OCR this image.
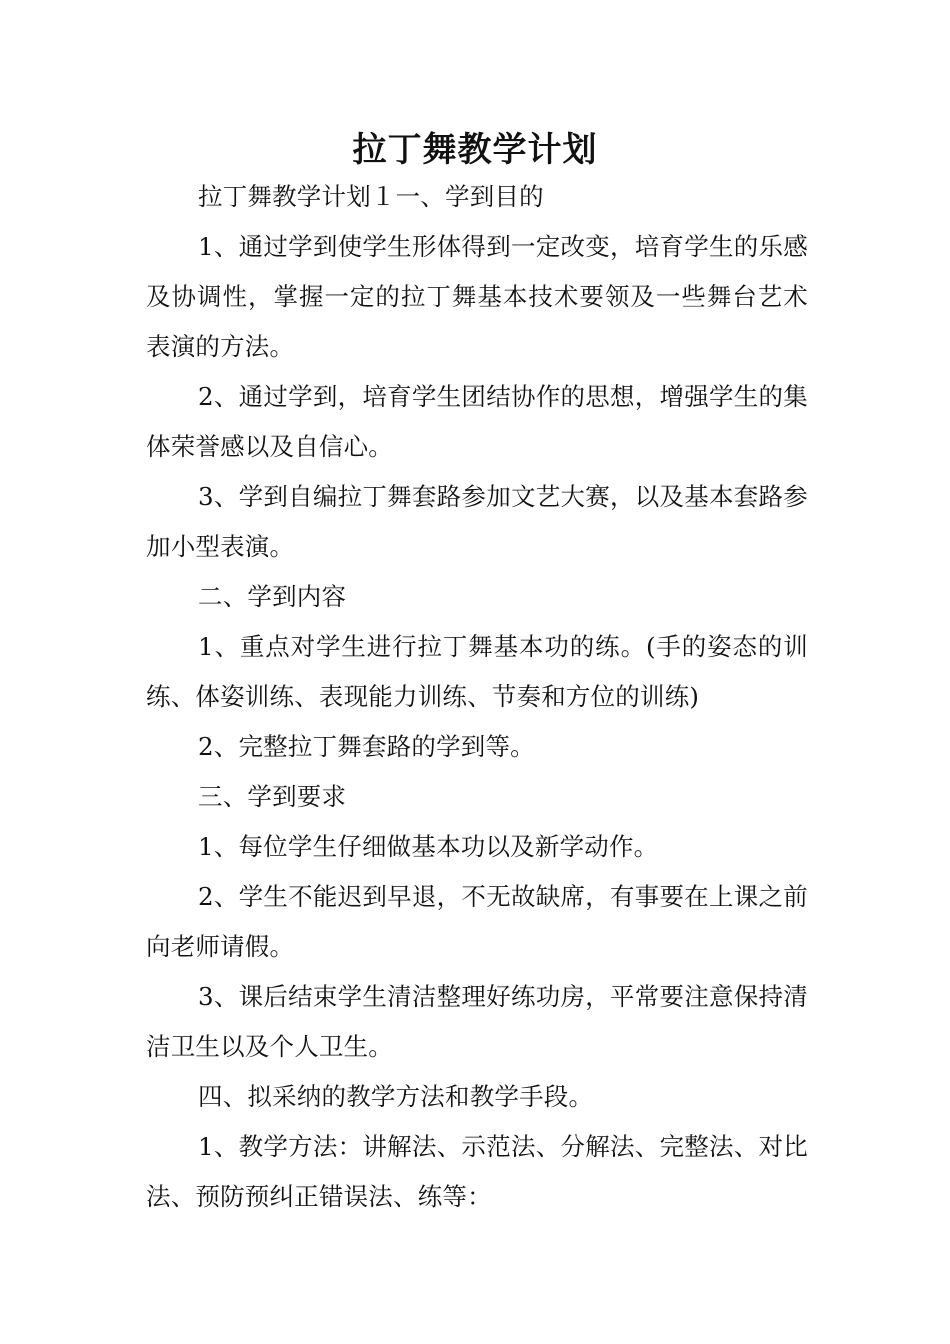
拉丁舞教学计划

拉丁舞教学计划１一、学到目的

1、通过学到使学生形体得到一定改变，培育学生的乐感及协调性，掌握一定的拉丁舞基本技术要领及一些舞台艺术表演的方法。

2、通过学到，培育学生团结协作的思想，增强学生的集体荣誉感以及自信心。

3、学到自编拉丁舞套路参加文艺大赛，以及基本套路参加小型表演。

二、学到内容

1、重点对学生进行拉丁舞基本功的练。(手的姿态的训练、体姿训练、表现能力训练、节奏和方位的训练)

2、完整拉丁舞套路的学到等。

三、学到要求

1、每位学生仔细做基本功以及新学动作。

2、学生不能迟到早退，不无故缺席，有事要在上课之前向老师请假。

3、课后结束学生清洁整理好练功房，平常要注意保持清洁卫生以及个人卫生。

四、拟采纳的教学方法和教学手段。

1、教学方法：讲解法、示范法、分解法、完整法、对比法、预防预纠正错误法、练等：
